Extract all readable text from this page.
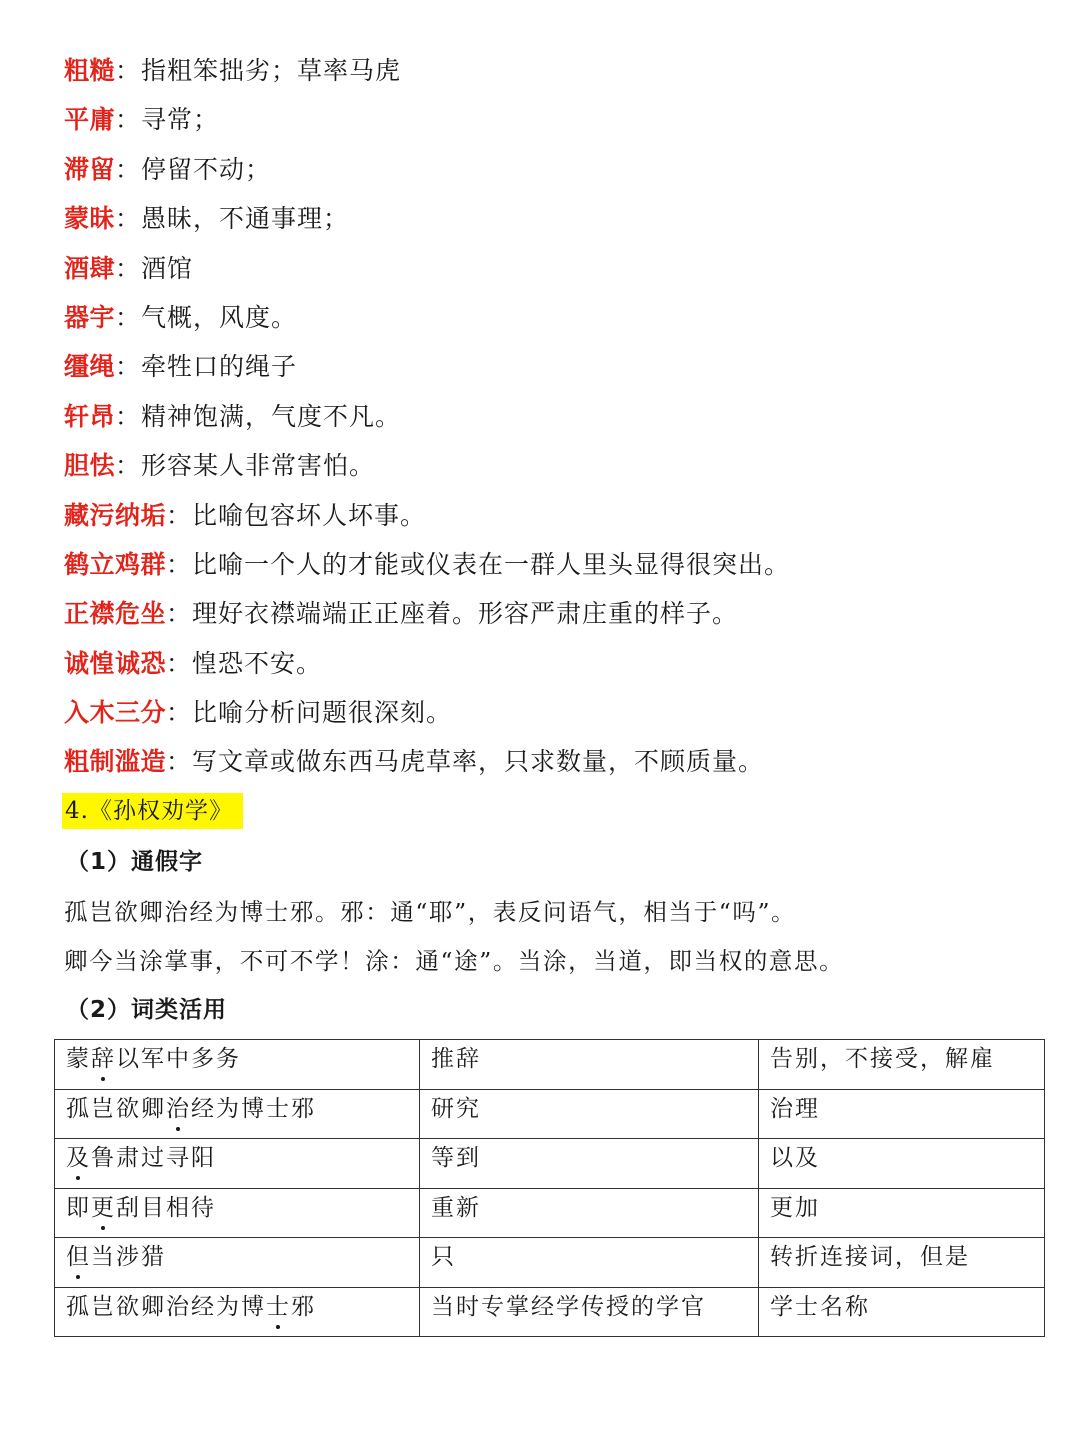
粗糙：指粗笨拙劣；草率马虎
平庸：寻常；
滞留：停留不动；
蒙昧：愚昧，不通事理；
酒肆：酒馆
器宇：气概，风度。
缰绳：牵牲口的绳子
轩昂：精神饱满，气度不凡。
胆怯：形容某人非常害怕。
藏污纳垢：比喻包容坏人坏事。
鹤立鸡群：比喻一个人的才能或仪表在一群人里头显得很突出。
正襟危坐：理好衣襟端端正正座着。形容严肃庄重的样子。
诚惶诚恐：惶恐不安。
入木三分：比喻分析问题很深刻。
粗制滥造：写文章或做东西马虎草率，只求数量，不顾质量。
4.《孙权劝学》
（1）通假字
孤岂欲卿治经为博士邪。邪：通“耶”，表反问语气，相当于“吗”。
卿今当涂掌事，不可不学！涂：通“途”。当涂，当道，即当权的意思。
（2）词类活用
蒙辞以军中多务	推辞	告别，不接受，解雇
孤岂欲卿治经为博士邪	研究	治理
及鲁肃过寻阳	等到	以及
即更刮目相待	重新	更加
但当涉猎	只	转折连接词，但是
孤岂欲卿治经为博士邪	当时专掌经学传授的学官	学士名称
